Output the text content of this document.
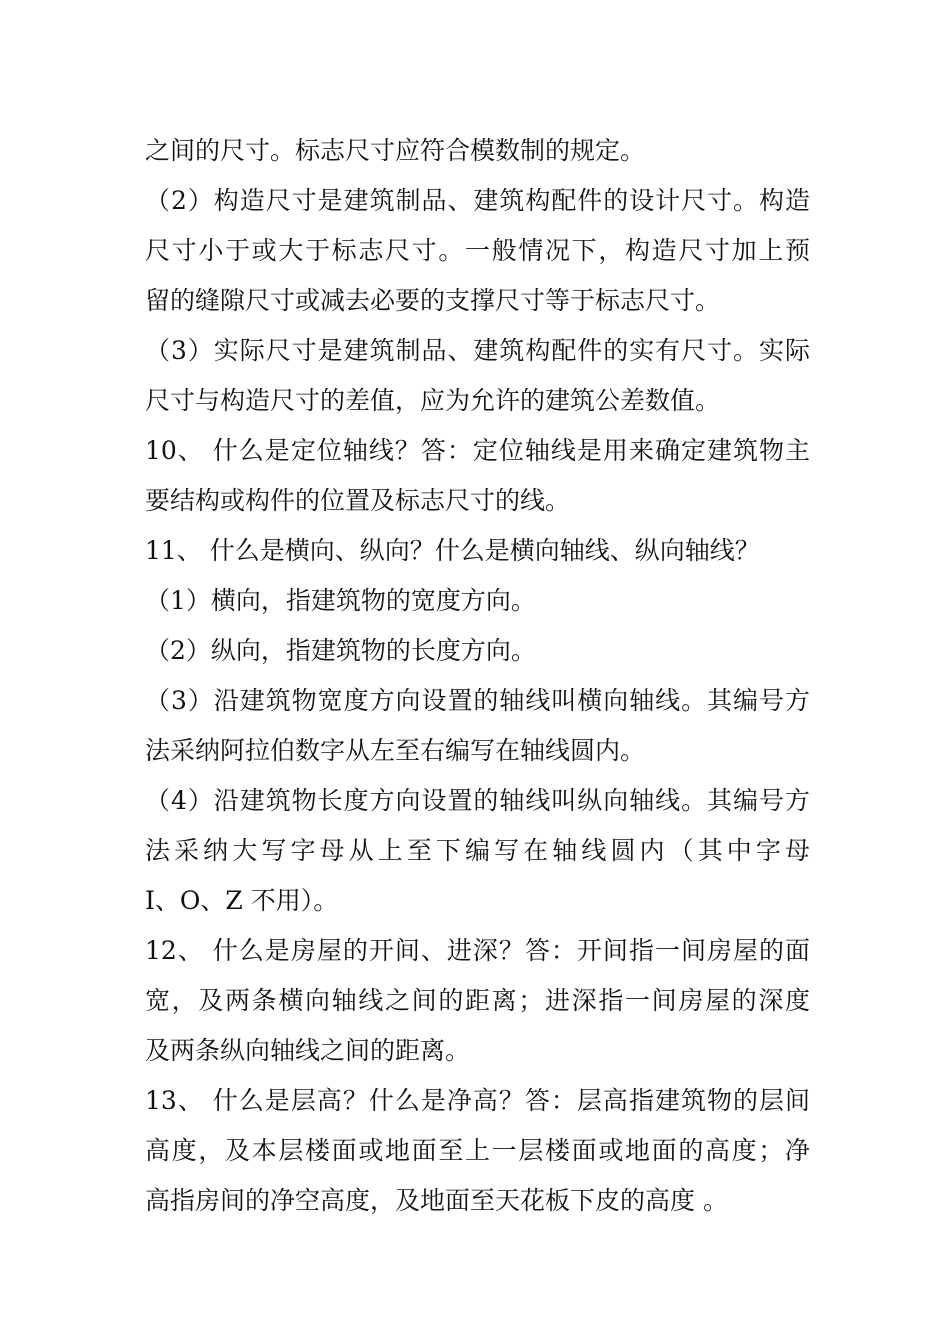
之间的尺寸。标志尺寸应符合模数制的规定。
（2）构造尺寸是建筑制品、建筑构配件的设计尺寸。构造
尺寸小于或大于标志尺寸。一般情况下，构造尺寸加上预
留的缝隙尺寸或减去必要的支撑尺寸等于标志尺寸。
（3）实际尺寸是建筑制品、建筑构配件的实有尺寸。实际
尺寸与构造尺寸的差值，应为允许的建筑公差数值。
10、 什么是定位轴线？答：定位轴线是用来确定建筑物主
要结构或构件的位置及标志尺寸的线。
11、 什么是横向、纵向？什么是横向轴线、纵向轴线？
（1）横向，指建筑物的宽度方向。
（2）纵向，指建筑物的长度方向。
（3）沿建筑物宽度方向设置的轴线叫横向轴线。其编号方
法采纳阿拉伯数字从左至右编写在轴线圆内。
（4）沿建筑物长度方向设置的轴线叫纵向轴线。其编号方
法采纳大写字母从上至下编写在轴线圆内（其中字母
I、O、Z 不用）。
12、 什么是房屋的开间、进深？答：开间指一间房屋的面
宽，及两条横向轴线之间的距离；进深指一间房屋的深度
及两条纵向轴线之间的距离。
13、 什么是层高？什么是净高？答：层高指建筑物的层间
高度，及本层楼面或地面至上一层楼面或地面的高度；净
高指房间的净空高度，及地面至天花板下皮的高度 。
